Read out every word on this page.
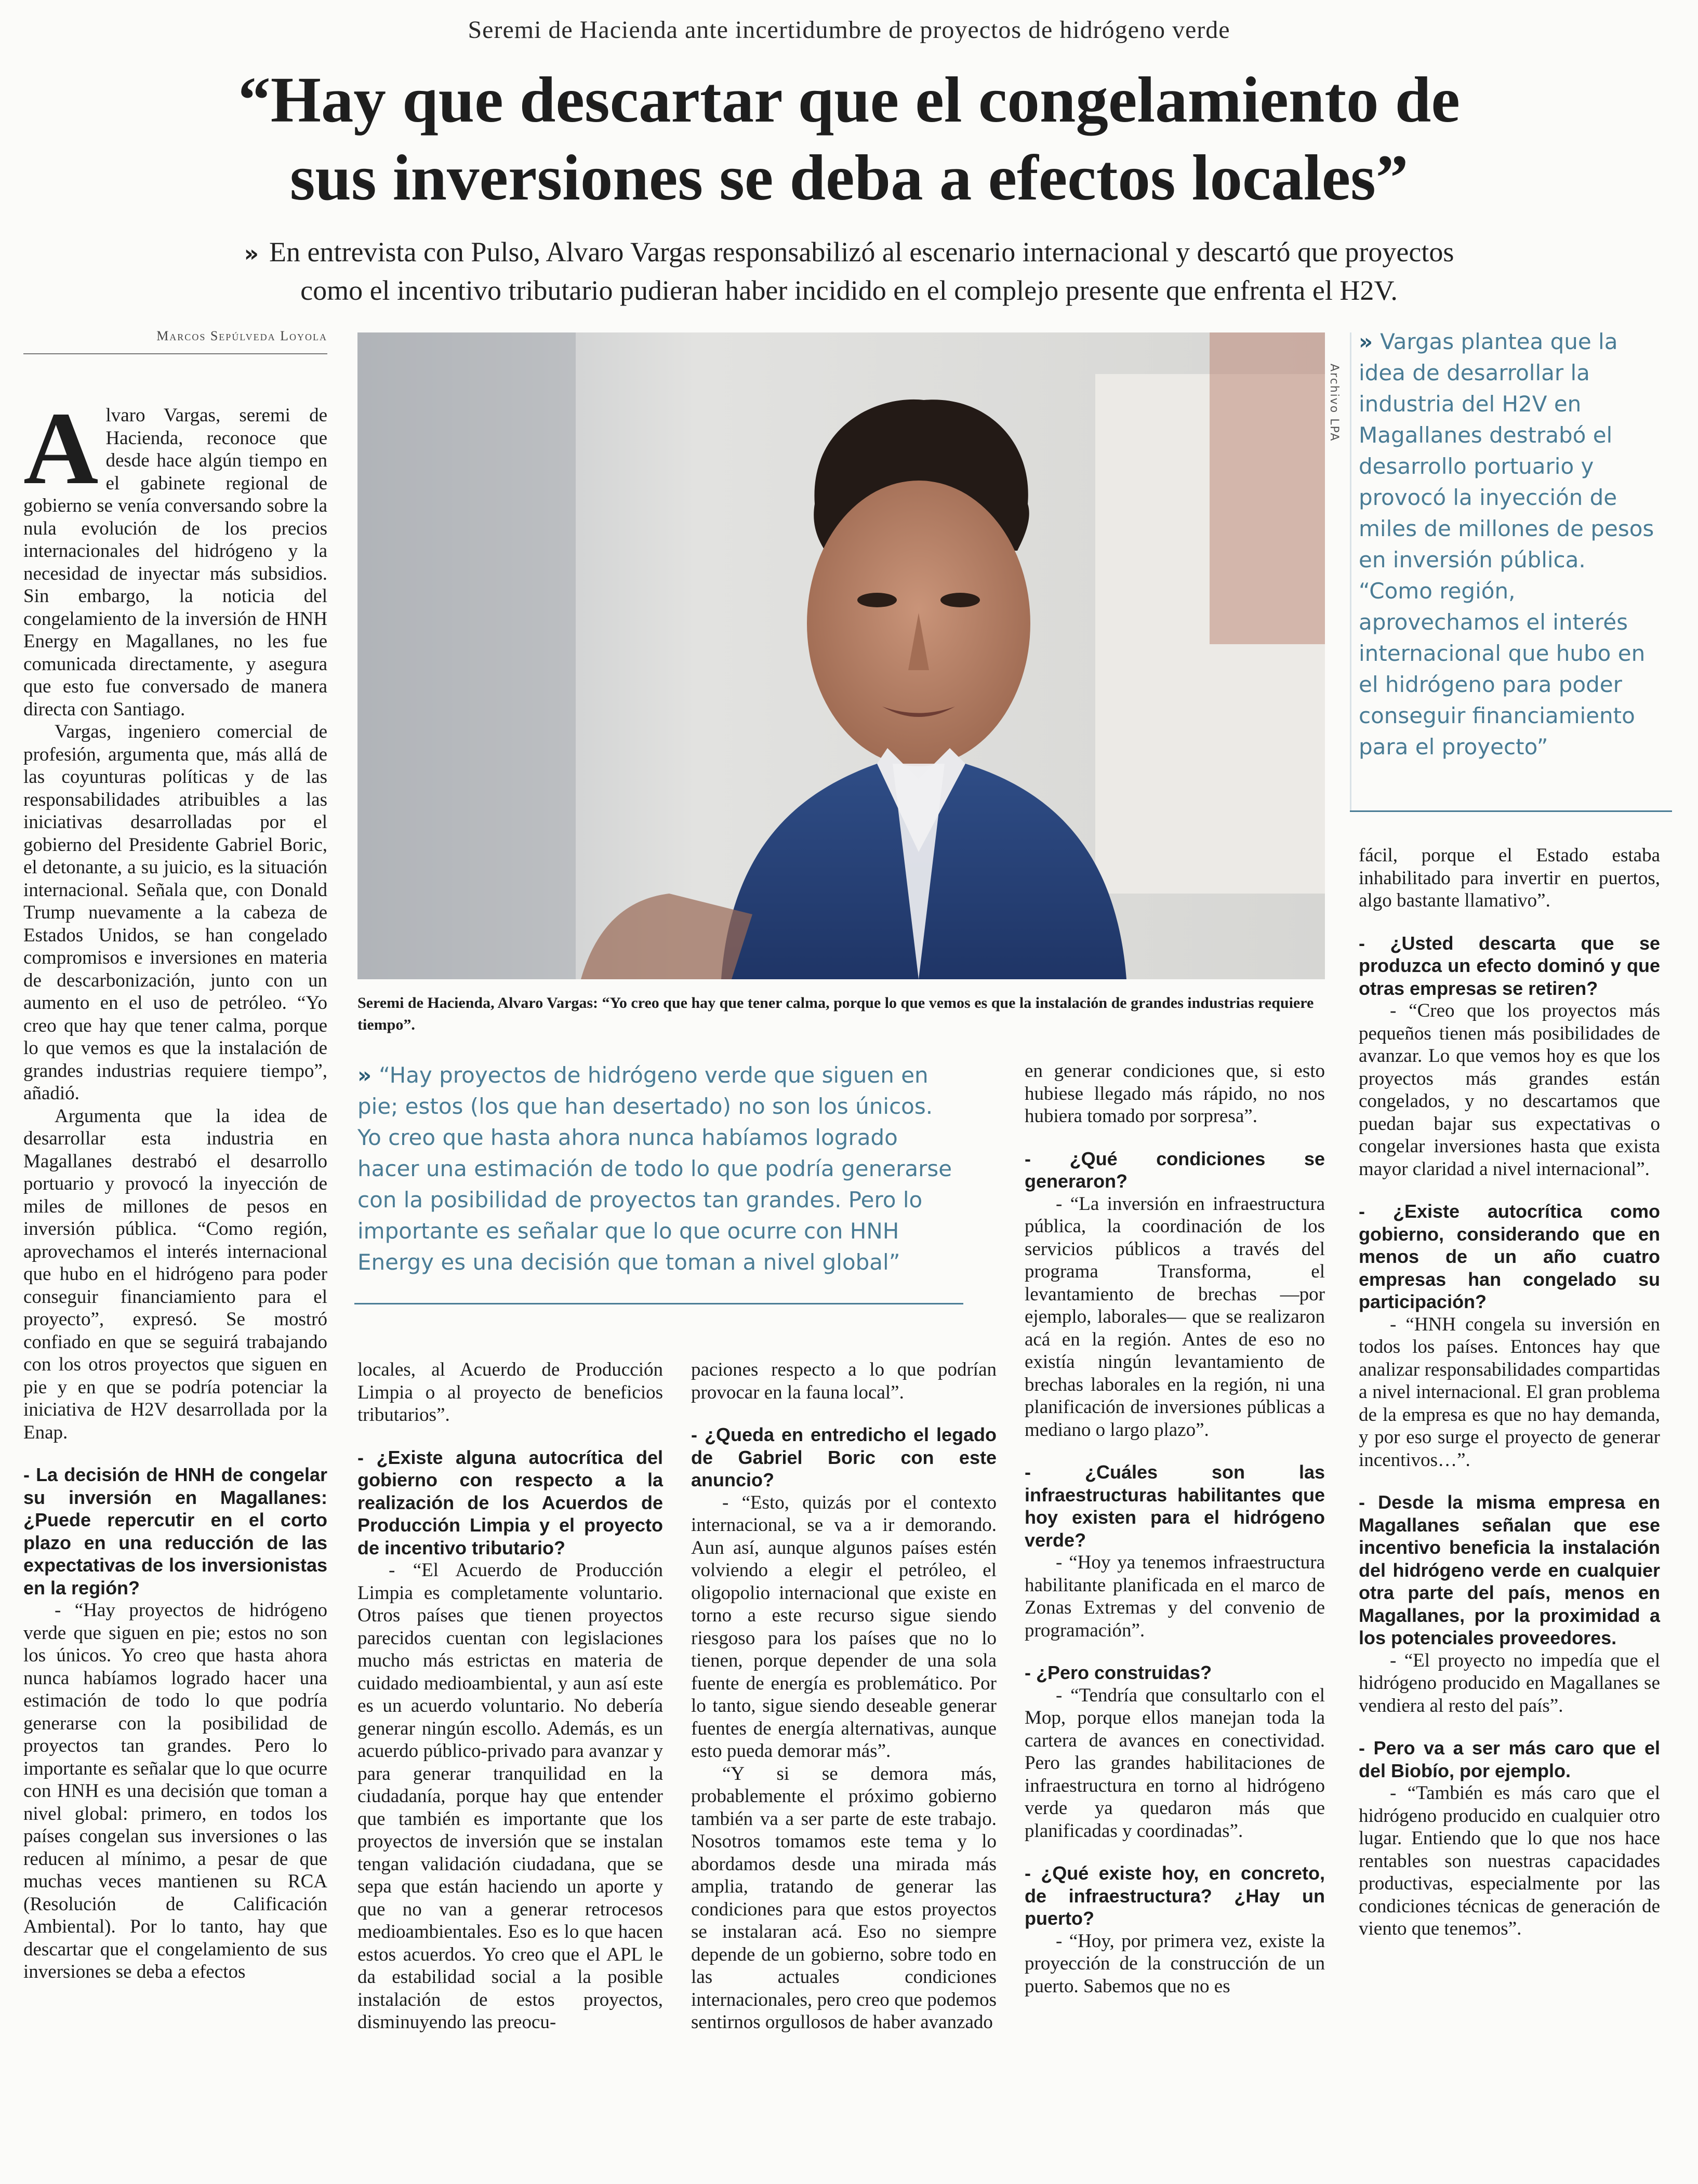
Seremi de Hacienda ante incertidumbre de proyectos de hidrógeno verde
“Hay que descartar que el congelamiento de
sus inversiones se deba a efectos locales”
» En entrevista con Pulso, Alvaro Vargas responsabilizó al escenario internacional y descartó que proyectos
como el incentivo tributario pudieran haber incidido en el complejo presente que enfrenta el H2V.
Marcos Sepúlveda Loyola
Archivo LPA
Seremi de Hacienda, Alvaro Vargas: “Yo creo que hay que tener calma, porque lo que vemos es que la instalación de grandes industrias requiere tiempo”.
» Vargas plantea que la idea de desarrollar la industria del H2V en Magallanes destrabó el desarrollo portuario y provocó la inyección de miles de millones de pesos en inversión pública. “Como región, aprovechamos el interés internacional que hubo en el hidrógeno para poder conseguir financiamiento para el proyecto”
» “Hay proyectos de hidrógeno verde que siguen en pie; estos (los que han desertado) no son los únicos. Yo creo que hasta ahora nunca habíamos logrado hacer una estimación de todo lo que podría generarse con la posibilidad de proyectos tan grandes. Pero lo importante es señalar que lo que ocurre con HNH Energy es una decisión que toman a nivel global”

Alvaro Vargas, seremi de Hacienda, reconoce que desde hace algún tiempo en el gabinete regional de gobierno se venía conversando sobre la nula evolución de los precios internacionales del hidrógeno y la necesidad de inyectar más subsidios. Sin embargo, la noticia del congelamiento de la inversión de HNH Energy en Magallanes, no les fue comunicada directamente, y asegura que esto fue conversado de manera directa con Santiago.

Vargas, ingeniero comercial de profesión, argumenta que, más allá de las coyunturas políticas y de las responsabilidades atribuibles a las iniciativas desarrolladas por el gobierno del Presidente Gabriel Boric, el detonante, a su juicio, es la situación internacional. Señala que, con Donald Trump nuevamente a la cabeza de Estados Unidos, se han congelado compromisos e inversiones en materia de descarbonización, junto con un aumento en el uso de petróleo. “Yo creo que hay que tener calma, porque lo que vemos es que la instalación de grandes industrias requiere tiempo”, añadió.

Argumenta que la idea de desarrollar esta industria en Magallanes destrabó el desarrollo portuario y provocó la inyección de miles de millones de pesos en inversión pública. “Como región, aprovechamos el interés internacional que hubo en el hidrógeno para poder conseguir financiamiento para el proyecto”, expresó. Se mostró confiado en que se seguirá trabajando con los otros proyectos que siguen en pie y en que se podría potenciar la iniciativa de H2V desarrollada por la Enap.

- La decisión de HNH de congelar su inversión en Magallanes: ¿Puede repercutir en el corto plazo en una reducción de las expectativas de los inversionistas en la región?

- “Hay proyectos de hidrógeno verde que siguen en pie; estos no son los únicos. Yo creo que hasta ahora nunca habíamos logrado hacer una estimación de todo lo que podría generarse con la posibilidad de proyectos tan grandes. Pero lo importante es señalar que lo que ocurre con HNH es una decisión que toman a nivel global: primero, en todos los países congelan sus inversiones o las reducen al mínimo, a pesar de que muchas veces mantienen su RCA (Resolución de Calificación Ambiental). Por lo tanto, hay que descartar que el congelamiento de sus inversiones se deba a efectos

locales, al Acuerdo de Producción Limpia o al proyecto de beneficios tributarios”.

- ¿Existe alguna autocrítica del gobierno con respecto a la realización de los Acuerdos de Producción Limpia y el proyecto de incentivo tributario?

- “El Acuerdo de Producción Limpia es completamente voluntario. Otros países que tienen proyectos parecidos cuentan con legislaciones mucho más estrictas en materia de cuidado medioambiental, y aun así este es un acuerdo voluntario. No debería generar ningún escollo. Además, es un acuerdo público-privado para avanzar y para generar tranquilidad en la ciudadanía, porque hay que entender que también es importante que los proyectos de inversión que se instalan tengan validación ciudadana, que se sepa que están haciendo un aporte y que no van a generar retrocesos medioambientales. Eso es lo que hacen estos acuerdos. Yo creo que el APL le da estabilidad social a la posible instalación de estos proyectos, disminuyendo las preocu-

paciones respecto a lo que podrían provocar en la fauna local”.

- ¿Queda en entredicho el legado de Gabriel Boric con este anuncio?

- “Esto, quizás por el contexto internacional, se va a ir demorando. Aun así, aunque algunos países estén volviendo a elegir el petróleo, el oligopolio internacional que existe en torno a este recurso sigue siendo riesgoso para los países que no lo tienen, porque depender de una sola fuente de energía es problemático. Por lo tanto, sigue siendo deseable generar fuentes de energía alternativas, aunque esto pueda demorar más”.

“Y si se demora más, probablemente el próximo gobierno también va a ser parte de este trabajo. Nosotros tomamos este tema y lo abordamos desde una mirada más amplia, tratando de generar las condiciones para que estos proyectos se instalaran acá. Eso no siempre depende de un gobierno, sobre todo en las actuales condiciones internacionales, pero creo que podemos sentirnos orgullosos de haber avanzado

en generar condiciones que, si esto hubiese llegado más rápido, no nos hubiera tomado por sorpresa”.

- ¿Qué condiciones se generaron?

- “La inversión en infraestructura pública, la coordinación de los servicios públicos a través del programa Transforma, el levantamiento de brechas —por ejemplo, laborales— que se realizaron acá en la región. Antes de eso no existía ningún levantamiento de brechas laborales en la región, ni una planificación de inversiones públicas a mediano o largo plazo”.

- ¿Cuáles son las infraestructuras habilitantes que hoy existen para el hidrógeno verde?

- “Hoy ya tenemos infraestructura habilitante planificada en el marco de Zonas Extremas y del convenio de programación”.

- ¿Pero construidas?

- “Tendría que consultarlo con el Mop, porque ellos manejan toda la cartera de avances en conectividad. Pero las grandes habilitaciones de infraestructura en torno al hidrógeno verde ya quedaron más que planificadas y coordinadas”.

- ¿Qué existe hoy, en concreto, de infraestructura? ¿Hay un puerto?

- “Hoy, por primera vez, existe la proyección de la construcción de un puerto. Sabemos que no es

fácil, porque el Estado estaba inhabilitado para invertir en puertos, algo bastante llamativo”.

- ¿Usted descarta que se produzca un efecto dominó y que otras empresas se retiren?

- “Creo que los proyectos más pequeños tienen más posibilidades de avanzar. Lo que vemos hoy es que los proyectos más grandes están congelados, y no descartamos que puedan bajar sus expectativas o congelar inversiones hasta que exista mayor claridad a nivel internacional”.

- ¿Existe autocrítica como gobierno, considerando que en menos de un año cuatro empresas han congelado su participación?

- “HNH congela su inversión en todos los países. Entonces hay que analizar responsabilidades compartidas a nivel internacional. El gran problema de la empresa es que no hay demanda, y por eso surge el proyecto de generar incentivos…”.

- Desde la misma empresa en Magallanes señalan que ese incentivo beneficia la instalación del hidrógeno verde en cualquier otra parte del país, menos en Magallanes, por la proximidad a los potenciales proveedores.

- “El proyecto no impedía que el hidrógeno producido en Magallanes se vendiera al resto del país”.

- Pero va a ser más caro que el del Biobío, por ejemplo.

- “También es más caro que el hidrógeno producido en cualquier otro lugar. Entiendo que lo que nos hace rentables son nuestras capacidades productivas, especialmente por las condiciones técnicas de generación de viento que tenemos”.
